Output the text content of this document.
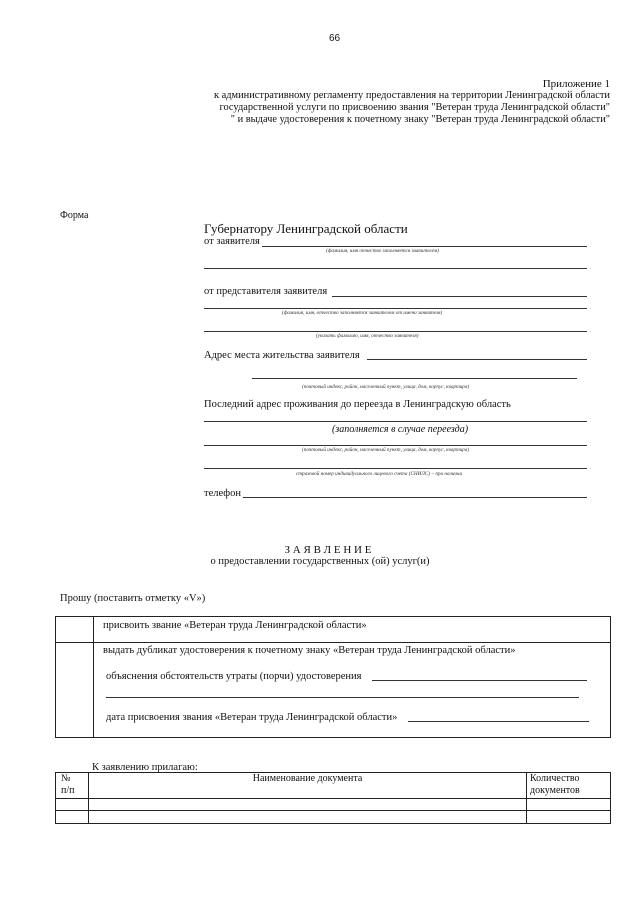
66
Приложение 1
к административному регламенту предоставления на территории Ленинградской области
государственной услуги по присвоению звания "Ветеран труда Ленинградской области"
" и выдаче удостоверения к почетному знаку "Ветеран труда Ленинградской области"
Форма
Губернатору Ленинградской области
от заявителя
(фамилия, имя отчество заполняется заявителем)
от представителя заявителя
(фамилия, имя, отчество заполняется заявителем от имени заявителя)
(указать фамилию, имя, отчество заявителя)
Адрес места жительства заявителя
(почтовый индекс, район, населенный пункт, улица, дом, корпус, квартира)
Последний адрес проживания до переезда в Ленинградскую область
(заполняется в случае переезда)
(почтовый индекс, район, населенный пункт, улица, дом, корпус, квартира)
страховой номер индивидуального лицевого счета (СНИЛС) – при наличии
телефон
З А Я В Л Е Н И Е
о предоставлении государственных (ой) услуг(и)
Прошу (поставить отметку «V»)
присвоить звание «Ветеран труда Ленинградской области»
выдать дубликат удостоверения к почетному знаку «Ветеран труда Ленинградской области»
объяснения обстоятельств утраты (порчи) удостоверения
дата присвоения звания «Ветеран труда Ленинградской области»
К заявлению прилагаю:
№
п/п
Наименование документа	Количество
документов
